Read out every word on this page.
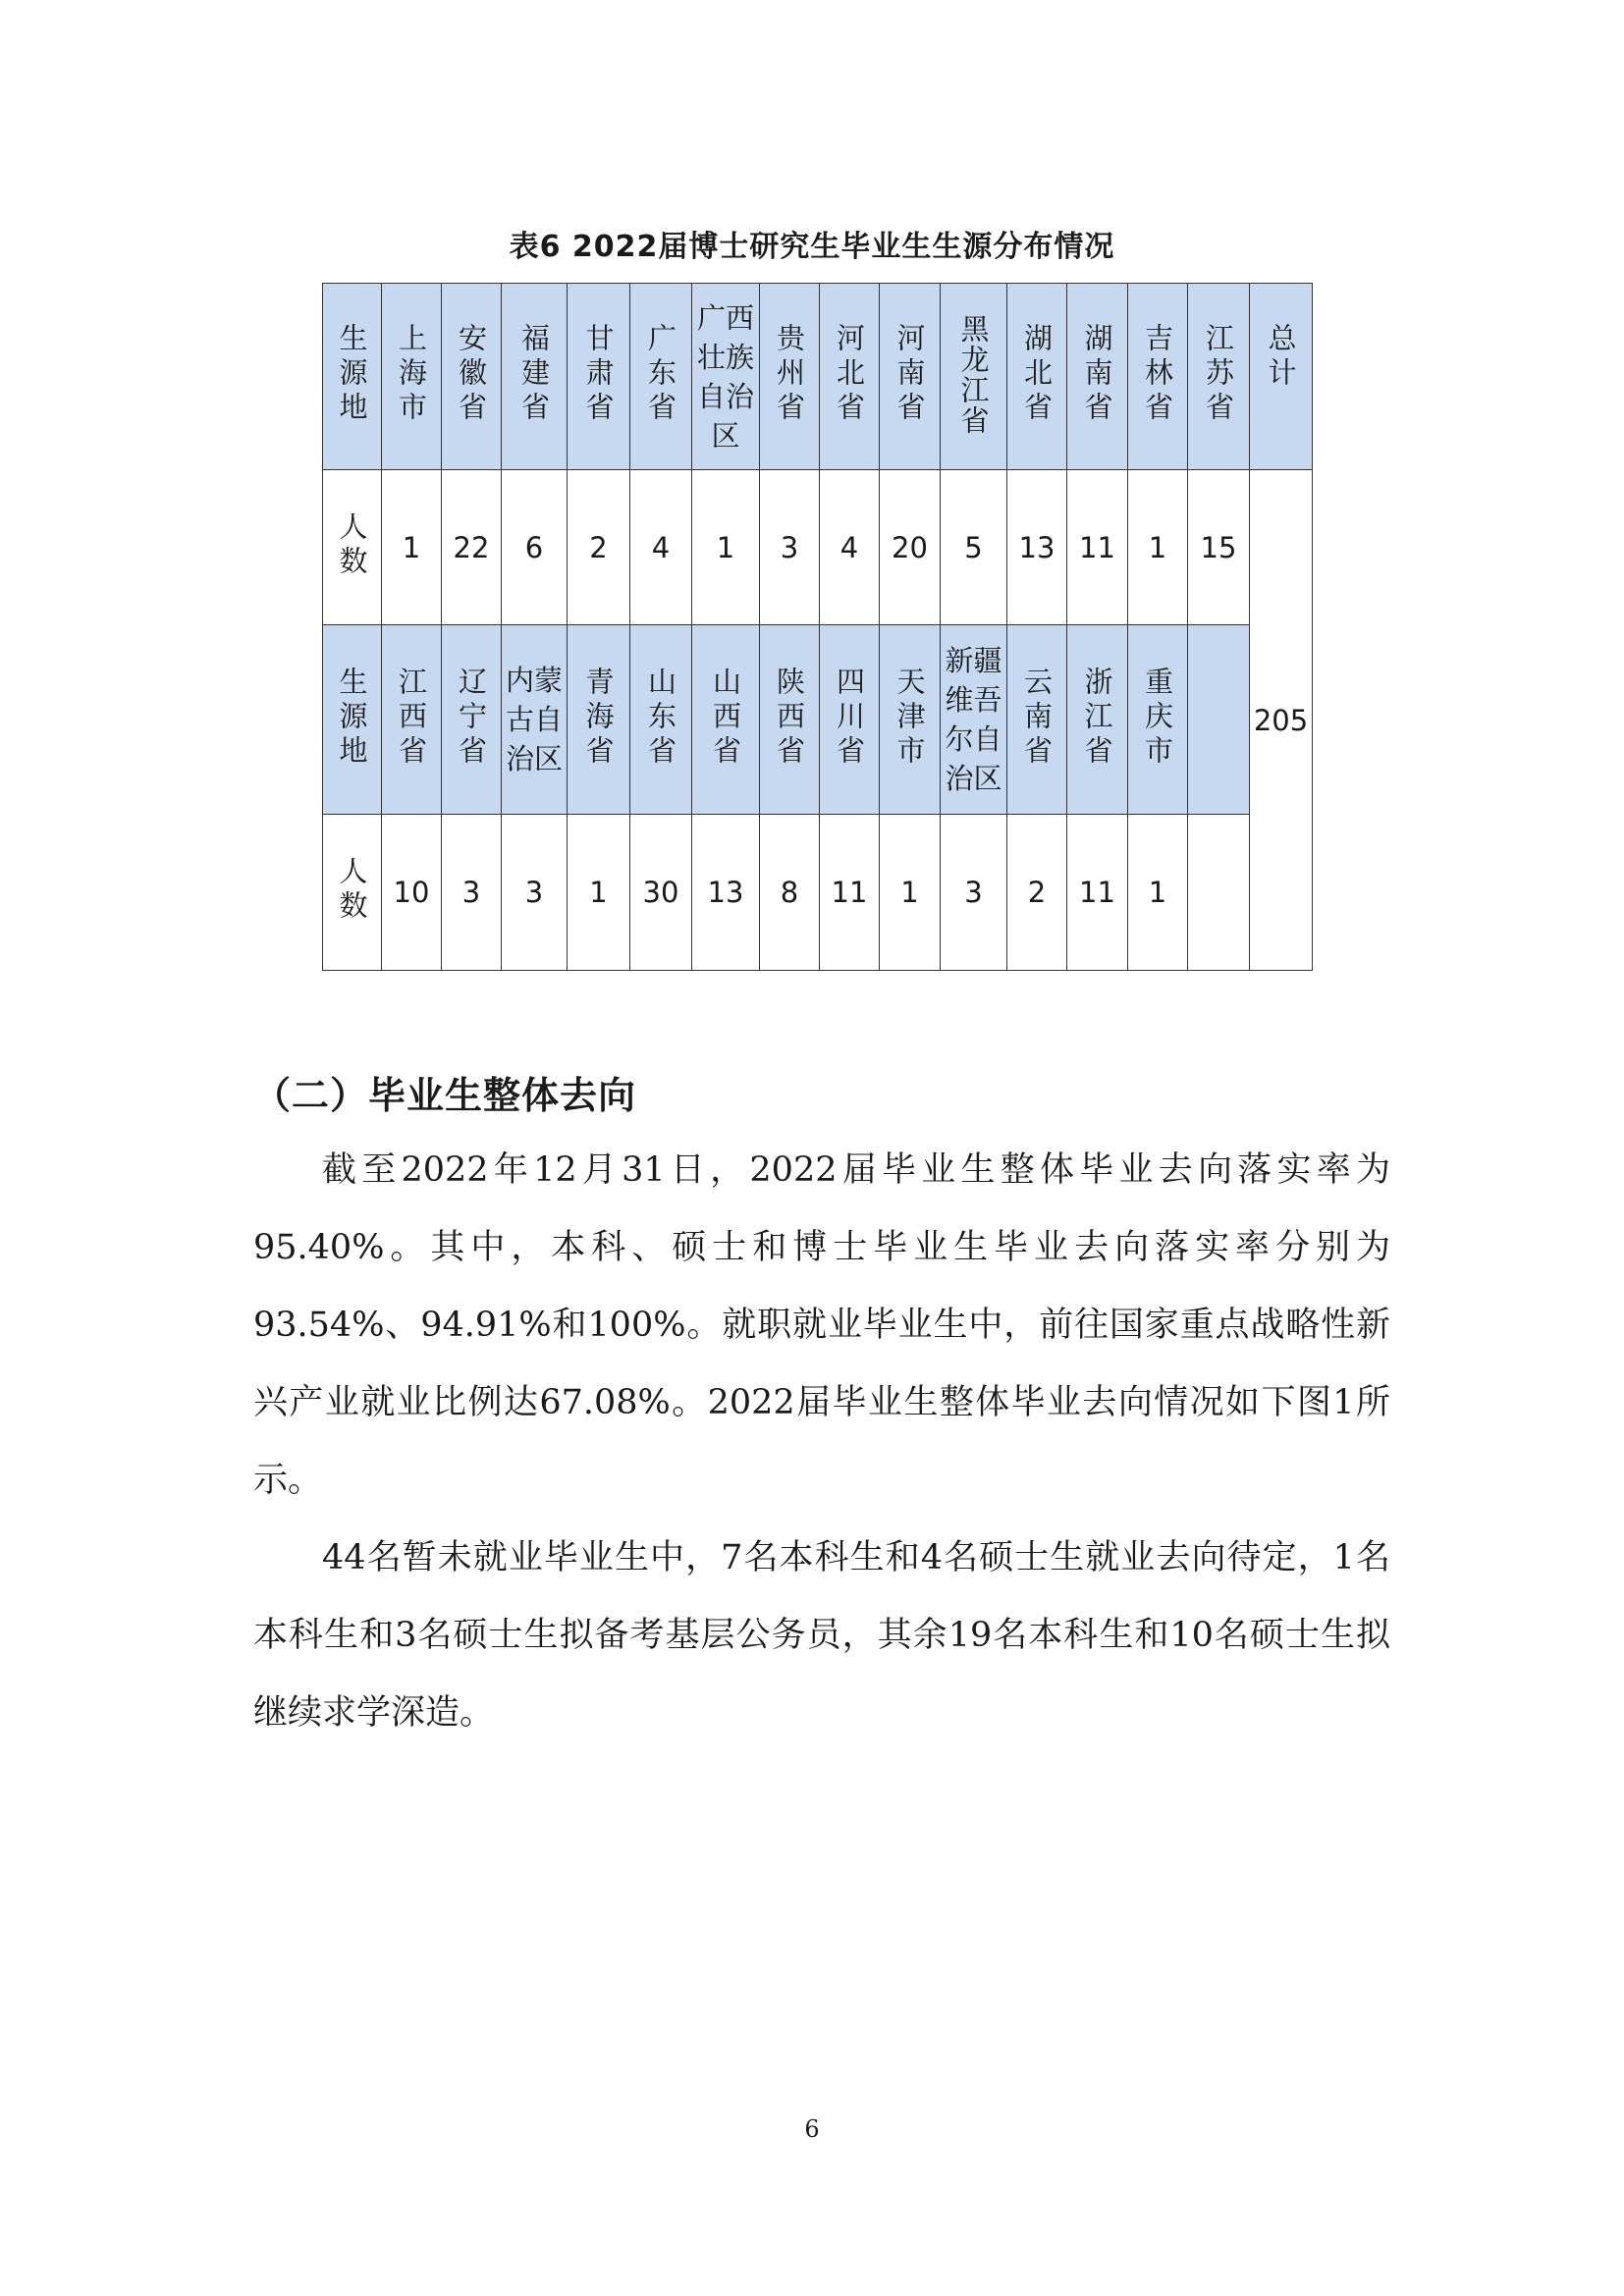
表6 2022届博士研究生毕业生生源分布情况
生源地	上海市	安徽省	福建省	甘肃省	广东省	广西壮族自治区	贵州省	河北省	河南省	黑龙江省	湖北省	湖南省	吉林省	江苏省	总计
人数	1	22	6	2	4	1	3	4	20	5	13	11	1	15	205
生源地	江西省	辽宁省	内蒙古自治区	青海省	山东省	山西省	陕西省	四川省	天津市	新疆维吾尔自治区	云南省	浙江省	重庆市		
人数	10	3	3	1	30	13	8	11	1	3	2	11	1		
（二）毕业生整体去向
截至2022年12月31日，2022届毕业生整体毕业去向落实率为95.40%。其中，本科、硕士和博士毕业生毕业去向落实率分别为93.54%、94.91%和100%。就职就业毕业生中，前往国家重点战略性新兴产业就业比例达67.08%。2022届毕业生整体毕业去向情况如下图1所示。
44名暂未就业毕业生中，7名本科生和4名硕士生就业去向待定，1名本科生和3名硕士生拟备考基层公务员，其余19名本科生和10名硕士生拟继续求学深造。
6
